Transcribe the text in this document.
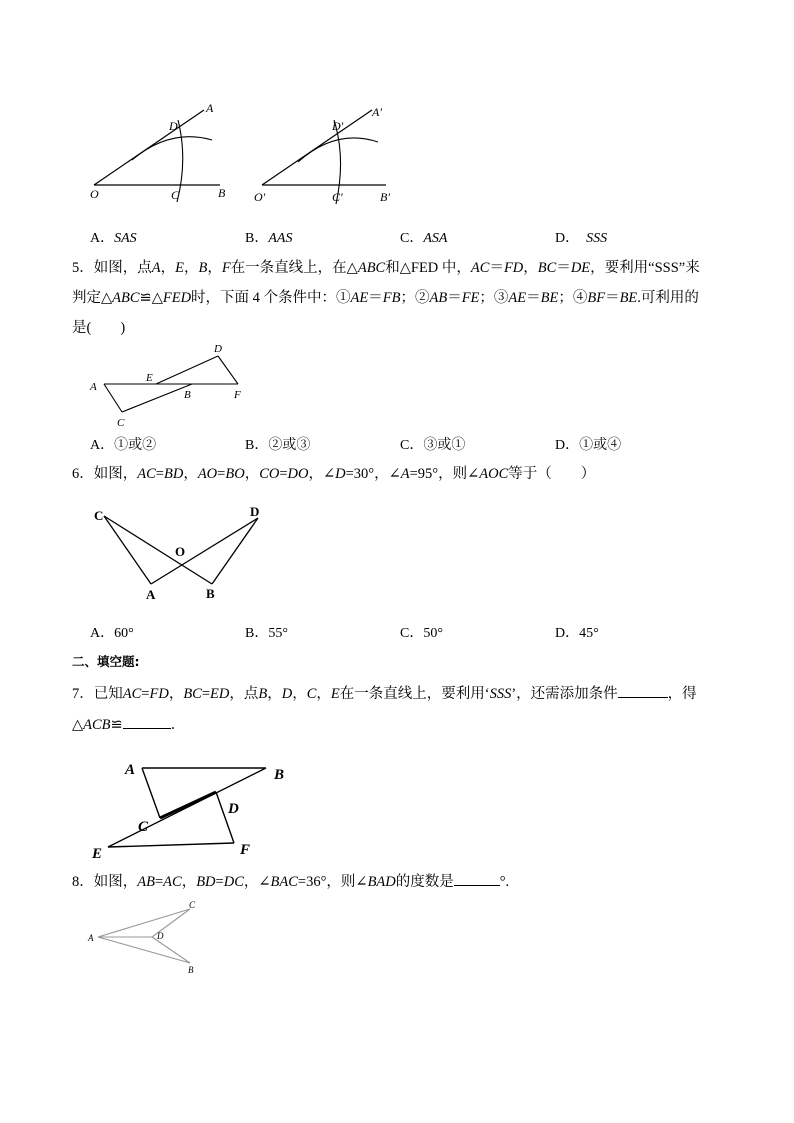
A
D
O	C	B
A′
D′
O′	C′	B′
A．SAS	B．AAS	C．ASA	D． SSS
5．如图，点A，E，B，F在一条直线上，在△ABC和△FED 中，AC＝FD，BC＝DE，要利用“SSS”来
判定△ABC≌△FED时，下面 4 个条件中：①AE＝FB；②AB＝FE；③AE＝BE；④BF＝BE.可利用的
是(　　)
A
E
B	F
C
D
A．①或②	B．②或③	C．③或①	D．①或④
6．如图，AC=BD，AO=BO，CO=DO，∠D=30°，∠A=95°，则∠AOC等于（　　）
C	D
O
A	B
A．60°	B．55°	C．50°	D．45°
二、填空题:
7．已知AC=FD，BC=ED，点B，D，C，E在一条直线上，要利用‘SSS’，还需添加条件	，得
△ACB≌	．
A	B
D
C
E	F
8．如图，AB=AC，BD=DC，∠BAC=36°，则∠BAD的度数是	°.
A
C
D
B
